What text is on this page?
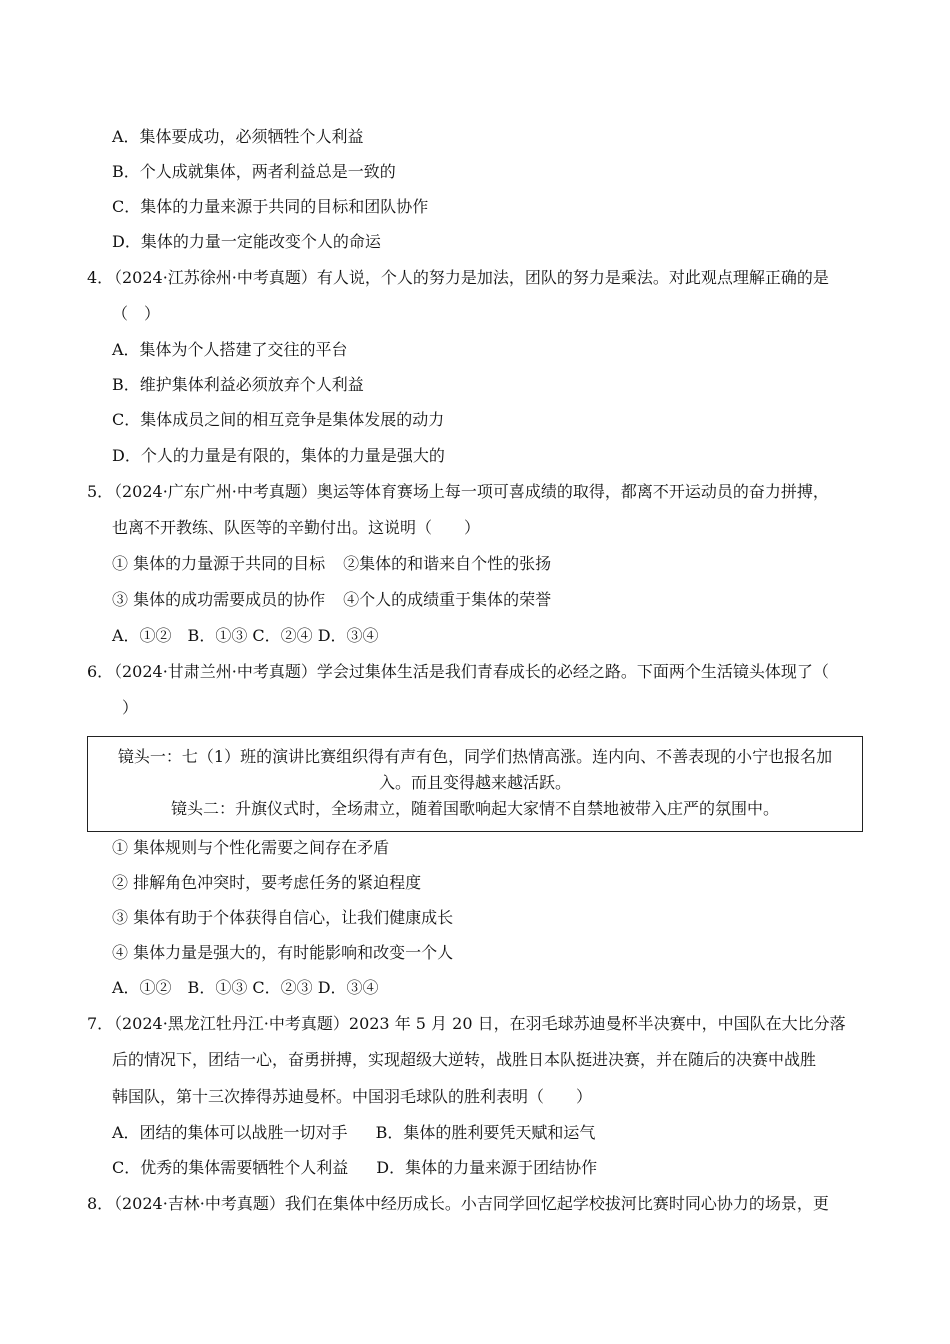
A．集体要成功，必须牺牲个人利益
B．个人成就集体，两者利益总是一致的
C．集体的力量来源于共同的目标和团队协作
D．集体的力量一定能改变个人的命运
4．
（2024·江苏徐州·中考真题）有人说，个人的努力是加法，团队的努力是乘法。对此观点理解正确的是
（　）
A．集体为个人搭建了交往的平台
B．维护集体利益必须放弃个人利益
C．集体成员之间的相互竞争是集体发展的动力
D．个人的力量是有限的，集体的力量是强大的
5．
（2024·广东广州·中考真题）奥运等体育赛场上每一项可喜成绩的取得，都离不开运动员的奋力拼搏，
也离不开教练、队医等的辛勤付出。这说明（　　）
① 集体的力量源于共同的目标 ②集体的和谐来自个性的张扬
③ 集体的成功需要成员的协作 ④个人的成绩重于集体的荣誉
A．①②　B．①③ C．②④ D．③④
6．
（2024·甘肃兰州·中考真题）学会过集体生活是我们青春成长的必经之路。下面两个生活镜头体现了（
）
镜头一：七（1）班的演讲比赛组织得有声有色，同学们热情高涨。连内向、不善表现的小宁也报名加
入。而且变得越来越活跃。
镜头二：升旗仪式时，全场肃立，随着国歌响起大家情不自禁地被带入庄严的氛围中。
① 集体规则与个性化需要之间存在矛盾
② 排解角色冲突时，要考虑任务的紧迫程度
③ 集体有助于个体获得自信心，让我们健康成长
④ 集体力量是强大的，有时能影响和改变一个人
A．①②　B．①③ C．②③ D．③④
7．
（2024·黑龙江牡丹江·中考真题）2023 年 5 月 20 日，在羽毛球苏迪曼杯半决赛中，中国队在大比分落
后的情况下，团结一心，奋勇拼搏，实现超级大逆转，战胜日本队挺进决赛，并在随后的决赛中战胜
韩国队，第十三次捧得苏迪曼杯。中国羽毛球队的胜利表明（　　）
A．团结的集体可以战胜一切对手 B．集体的胜利要凭天赋和运气
C．优秀的集体需要牺牲个人利益 D．集体的力量来源于团结协作
8．
（2024·吉林·中考真题）我们在集体中经历成长。小吉同学回忆起学校拔河比赛时同心协力的场景，更
